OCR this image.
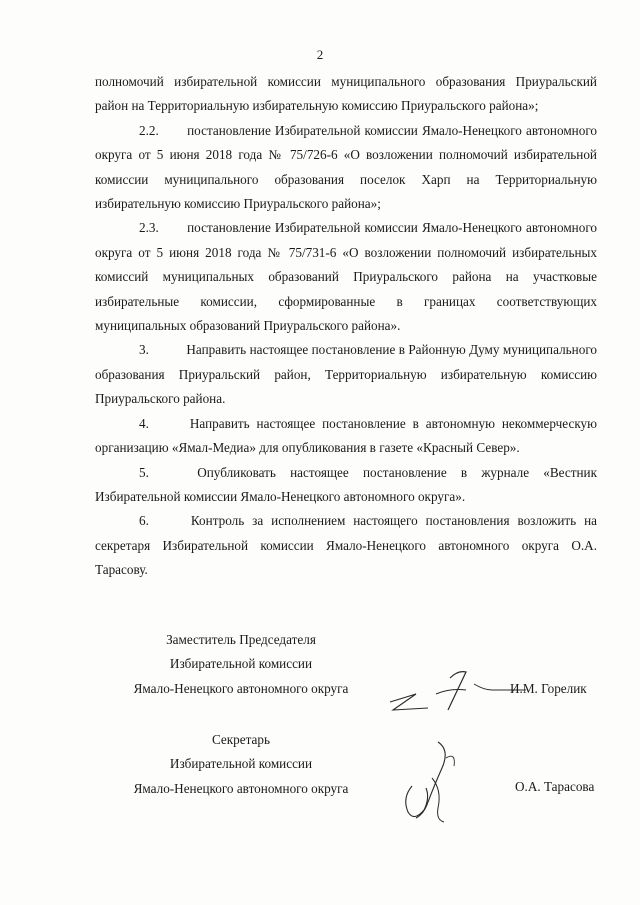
2

полномочий избирательной комиссии муниципального образования Приуральский район на Территориальную избирательную комиссию Приуральского района»;

2.2. постановление Избирательной комиссии Ямало-Ненецкого автономного округа от 5 июня 2018 года № 75/726-6 «О возложении полномочий избирательной комиссии муниципального образования поселок Харп на Территориальную избирательную комиссию Приуральского района»;

2.3. постановление Избирательной комиссии Ямало-Ненецкого автономного округа от 5 июня 2018 года № 75/731-6 «О возложении полномочий избирательных комиссий муниципальных образований Приуральского района на участковые избирательные комиссии, сформированные в границах соответствующих муниципальных образований Приуральского района».

3.	Направить настоящее постановление в Районную Думу муниципального образования Приуральский район, Территориальную избирательную комиссию Приуральского района.

4.	Направить настоящее постановление в автономную некоммерческую организацию «Ямал-Медиа» для опубликования в газете «Красный Север».

5.	Опубликовать настоящее постановление в журнале «Вестник Избирательной комиссии Ямало-Ненецкого автономного округа».

6.	Контроль за исполнением настоящего постановления возложить на секретаря Избирательной комиссии Ямало-Ненецкого автономного округа О.А. Тарасову.

Заместитель Председателя
Избирательной комиссии
Ямало-Ненецкого автономного округа	И.М. Горелик
Секретарь
Избирательной комиссии
Ямало-Ненецкого автономного округа	О.А. Тарасова
